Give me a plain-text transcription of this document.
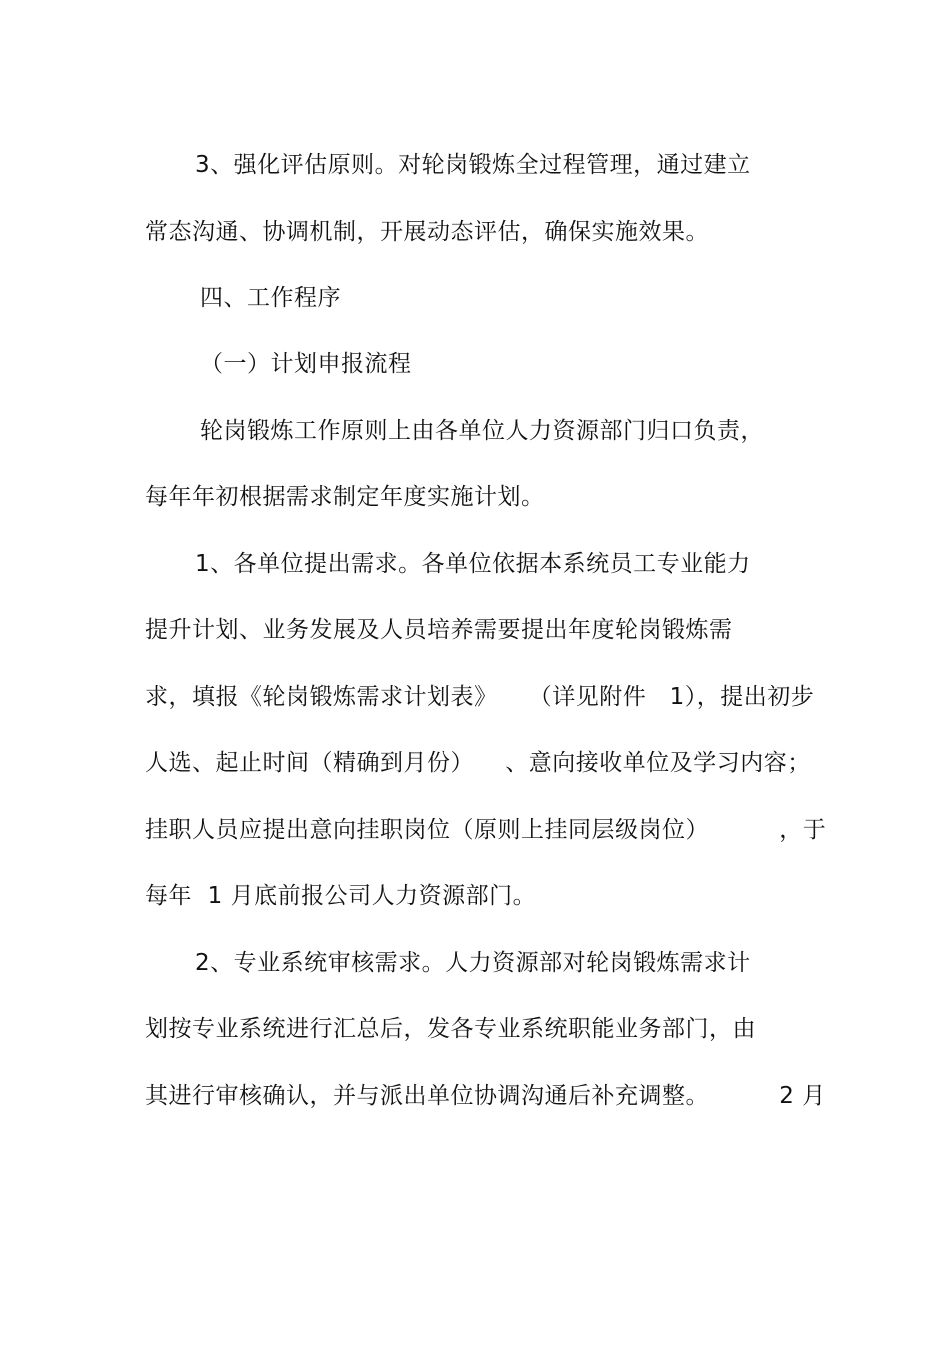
3、强化评估原则。对轮岗锻炼全过程管理，通过建立
常态沟通、协调机制，开展动态评估，确保实施效果。
四、工作程序
（一）计划申报流程
轮岗锻炼工作原则上由各单位人力资源部门归口负责，
每年年初根据需求制定年度实施计划。
1、各单位提出需求。各单位依据本系统员工专业能力
提升计划、业务发展及人员培养需要提出年度轮岗锻炼需
求，填报《轮岗锻炼需求计划表》    （详见附件   1），提出初步
人选、起止时间（精确到月份）    、意向接收单位及学习内容；
挂职人员应提出意向挂职岗位（原则上挂同层级岗位）         ，于
每年  1 月底前报公司人力资源部门。
2、专业系统审核需求。人力资源部对轮岗锻炼需求计
划按专业系统进行汇总后，发各专业系统职能业务部门，由
其进行审核确认，并与派出单位协调沟通后补充调整。         2 月
